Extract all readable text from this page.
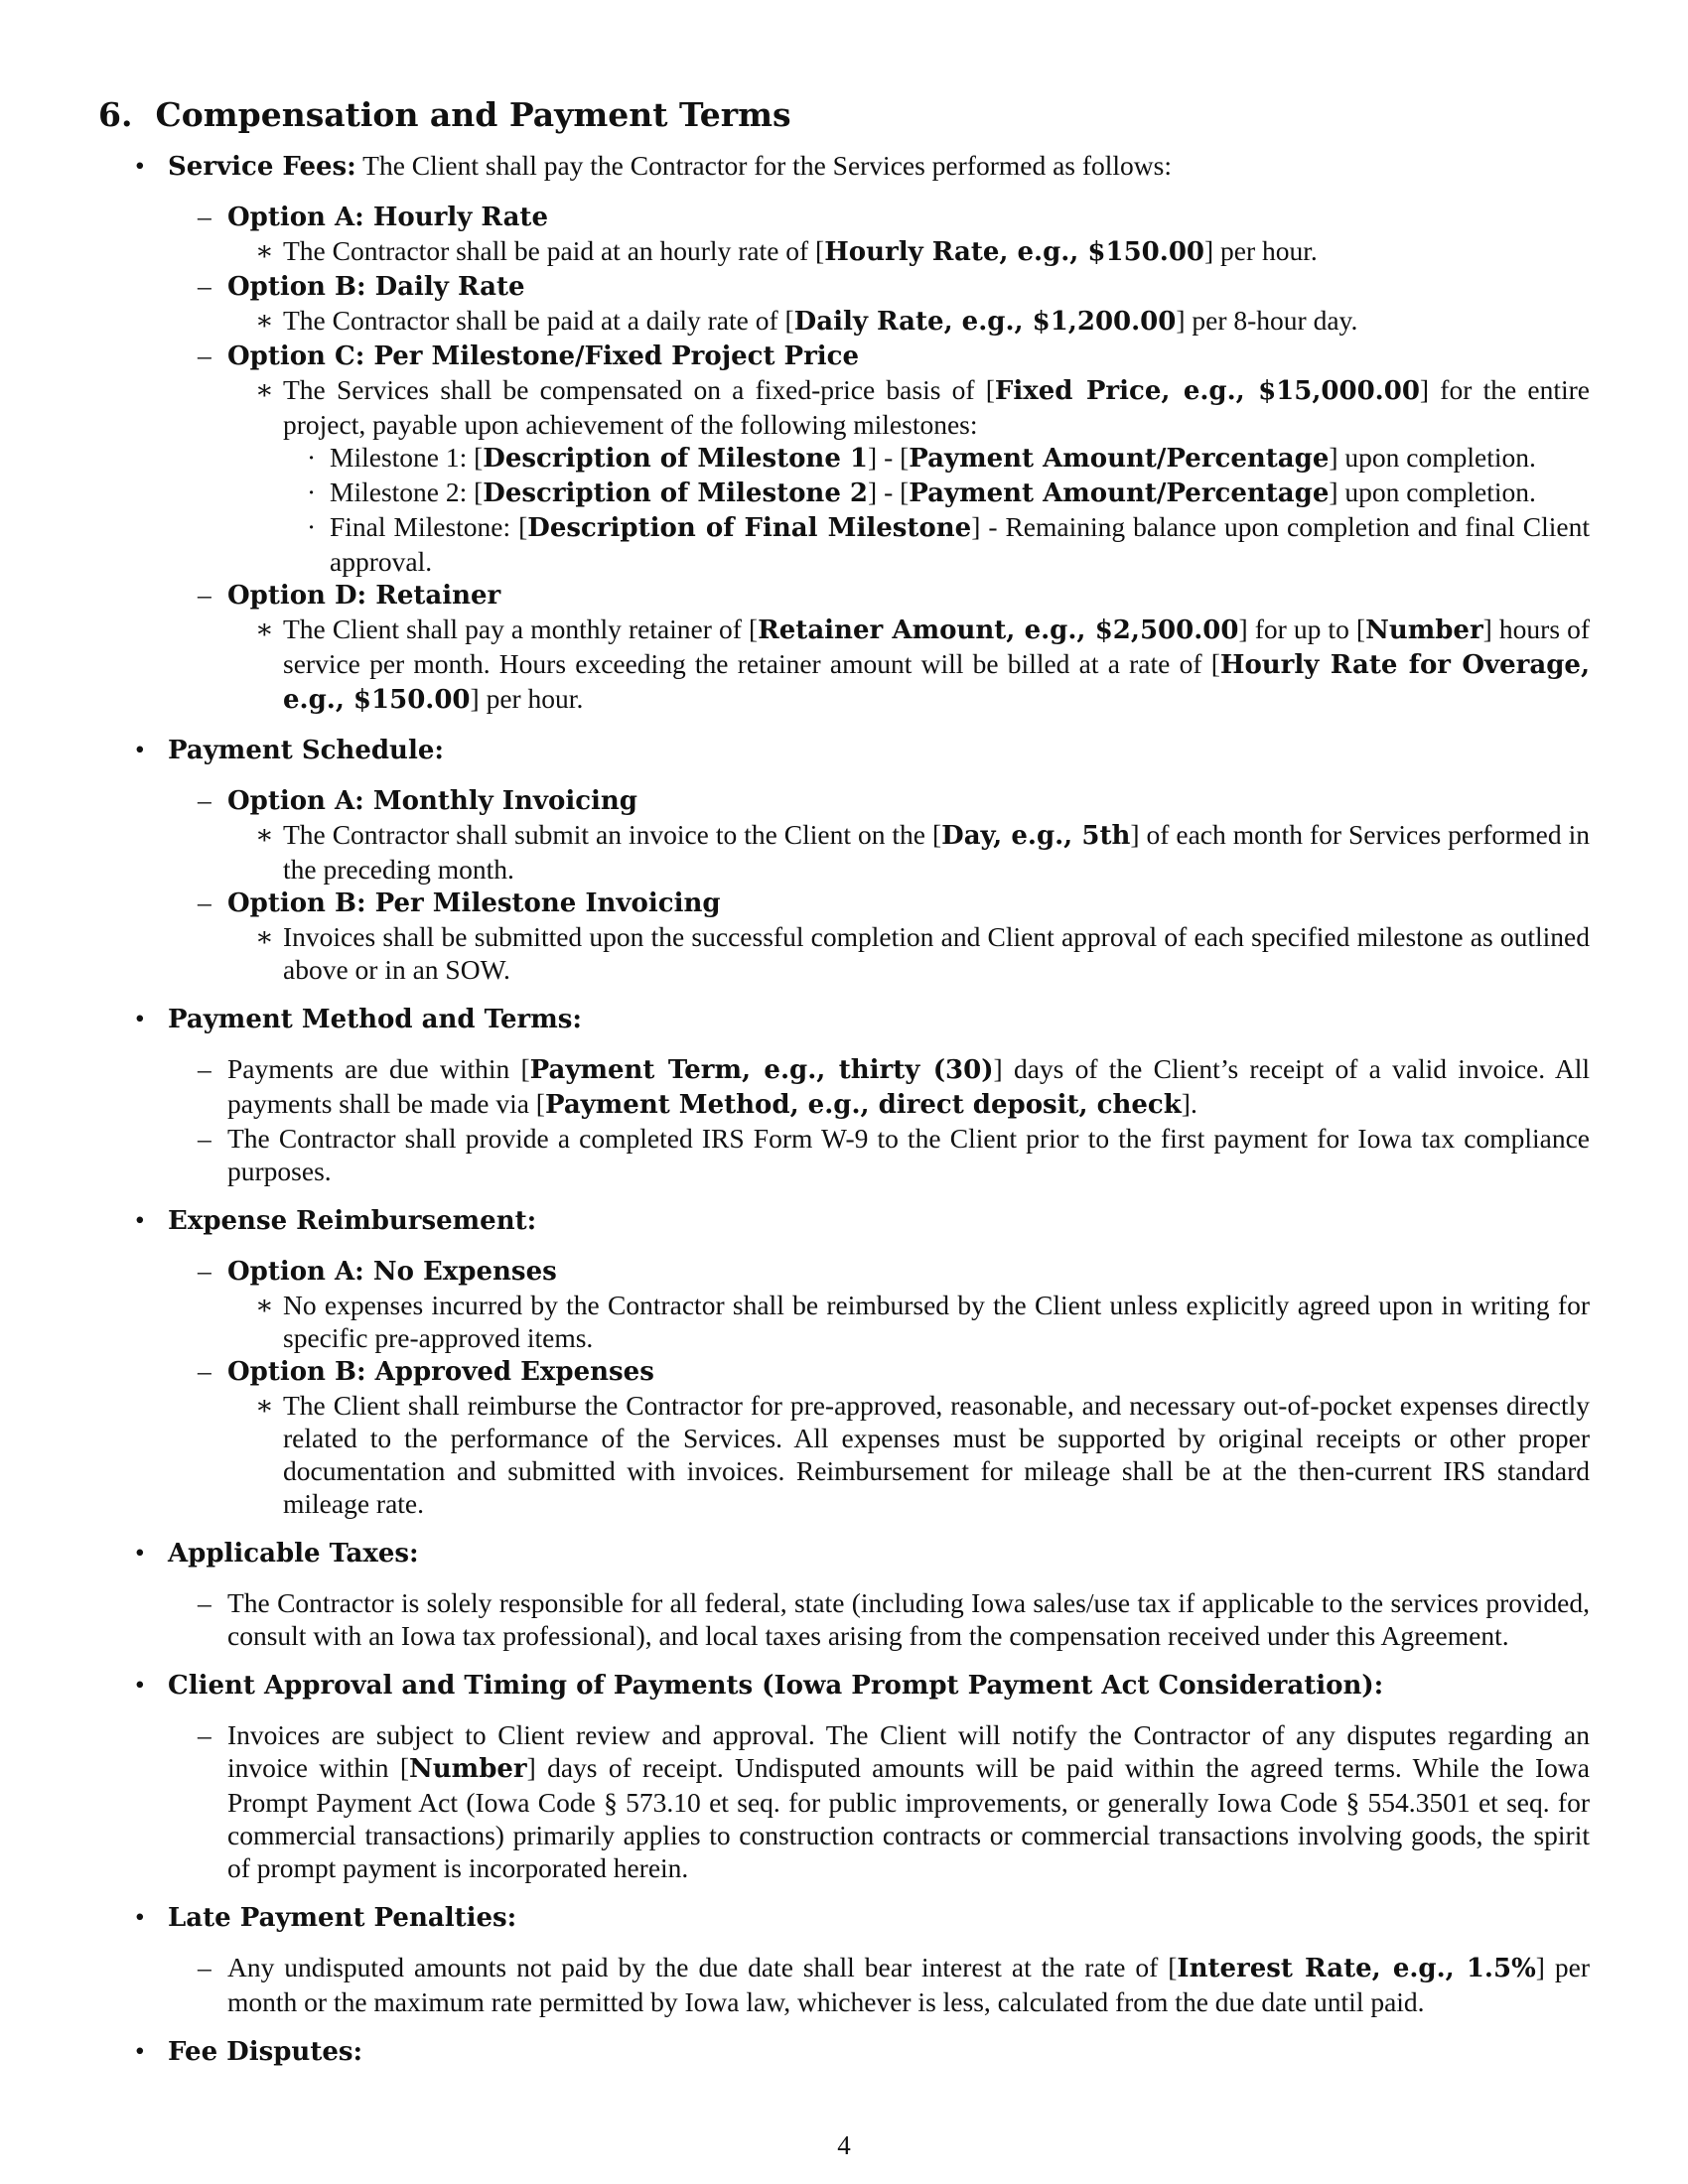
6. Compensation and Payment Terms
• Service Fees: The Client shall pay the Contractor for the Services performed as follows:
– Option A: Hourly Rate
∗ The Contractor shall be paid at an hourly rate of [Hourly Rate, e.g., $150.00] per hour.
– Option B: Daily Rate
∗ The Contractor shall be paid at a daily rate of [Daily Rate, e.g., $1,200.00] per 8-hour day.
– Option C: Per Milestone/Fixed Project Price
∗ The Services shall be compensated on a fixed-price basis of [Fixed Price, e.g., $15,000.00] for the entire project, payable upon achievement of the following milestones:
· Milestone 1: [Description of Milestone 1] - [Payment Amount/Percentage] upon completion.
· Milestone 2: [Description of Milestone 2] - [Payment Amount/Percentage] upon completion.
· Final Milestone: [Description of Final Milestone] - Remaining balance upon completion and final Client approval.
– Option D: Retainer
∗ The Client shall pay a monthly retainer of [Retainer Amount, e.g., $2,500.00] for up to [Number] hours of service per month. Hours exceeding the retainer amount will be billed at a rate of [Hourly Rate for Overage, e.g., $150.00] per hour.
• Payment Schedule:
– Option A: Monthly Invoicing
∗ The Contractor shall submit an invoice to the Client on the [Day, e.g., 5th] of each month for Services performed in the preceding month.
– Option B: Per Milestone Invoicing
∗ Invoices shall be submitted upon the successful completion and Client approval of each specified milestone as outlined above or in an SOW.
• Payment Method and Terms:
– Payments are due within [Payment Term, e.g., thirty (30)] days of the Client’s receipt of a valid invoice. All payments shall be made via [Payment Method, e.g., direct deposit, check].
– The Contractor shall provide a completed IRS Form W-9 to the Client prior to the first payment for Iowa tax compliance purposes.
• Expense Reimbursement:
– Option A: No Expenses
∗ No expenses incurred by the Contractor shall be reimbursed by the Client unless explicitly agreed upon in writing for specific pre-approved items.
– Option B: Approved Expenses
∗ The Client shall reimburse the Contractor for pre-approved, reasonable, and necessary out-of-pocket expenses directly related to the performance of the Services. All expenses must be supported by original receipts or other proper documentation and submitted with invoices. Reimbursement for mileage shall be at the then-current IRS standard mileage rate.
• Applicable Taxes:
– The Contractor is solely responsible for all federal, state (including Iowa sales/use tax if applicable to the services provided, consult with an Iowa tax professional), and local taxes arising from the compensation received under this Agreement.
• Client Approval and Timing of Payments (Iowa Prompt Payment Act Consideration):
– Invoices are subject to Client review and approval. The Client will notify the Contractor of any disputes regarding an invoice within [Number] days of receipt. Undisputed amounts will be paid within the agreed terms. While the Iowa Prompt Payment Act (Iowa Code § 573.10 et seq. for public improvements, or generally Iowa Code § 554.3501 et seq. for commercial transactions) primarily applies to construction contracts or commercial transactions involving goods, the spirit of prompt payment is incorporated herein.
• Late Payment Penalties:
– Any undisputed amounts not paid by the due date shall bear interest at the rate of [Interest Rate, e.g., 1.5%] per month or the maximum rate permitted by Iowa law, whichever is less, calculated from the due date until paid.
• Fee Disputes:
4
